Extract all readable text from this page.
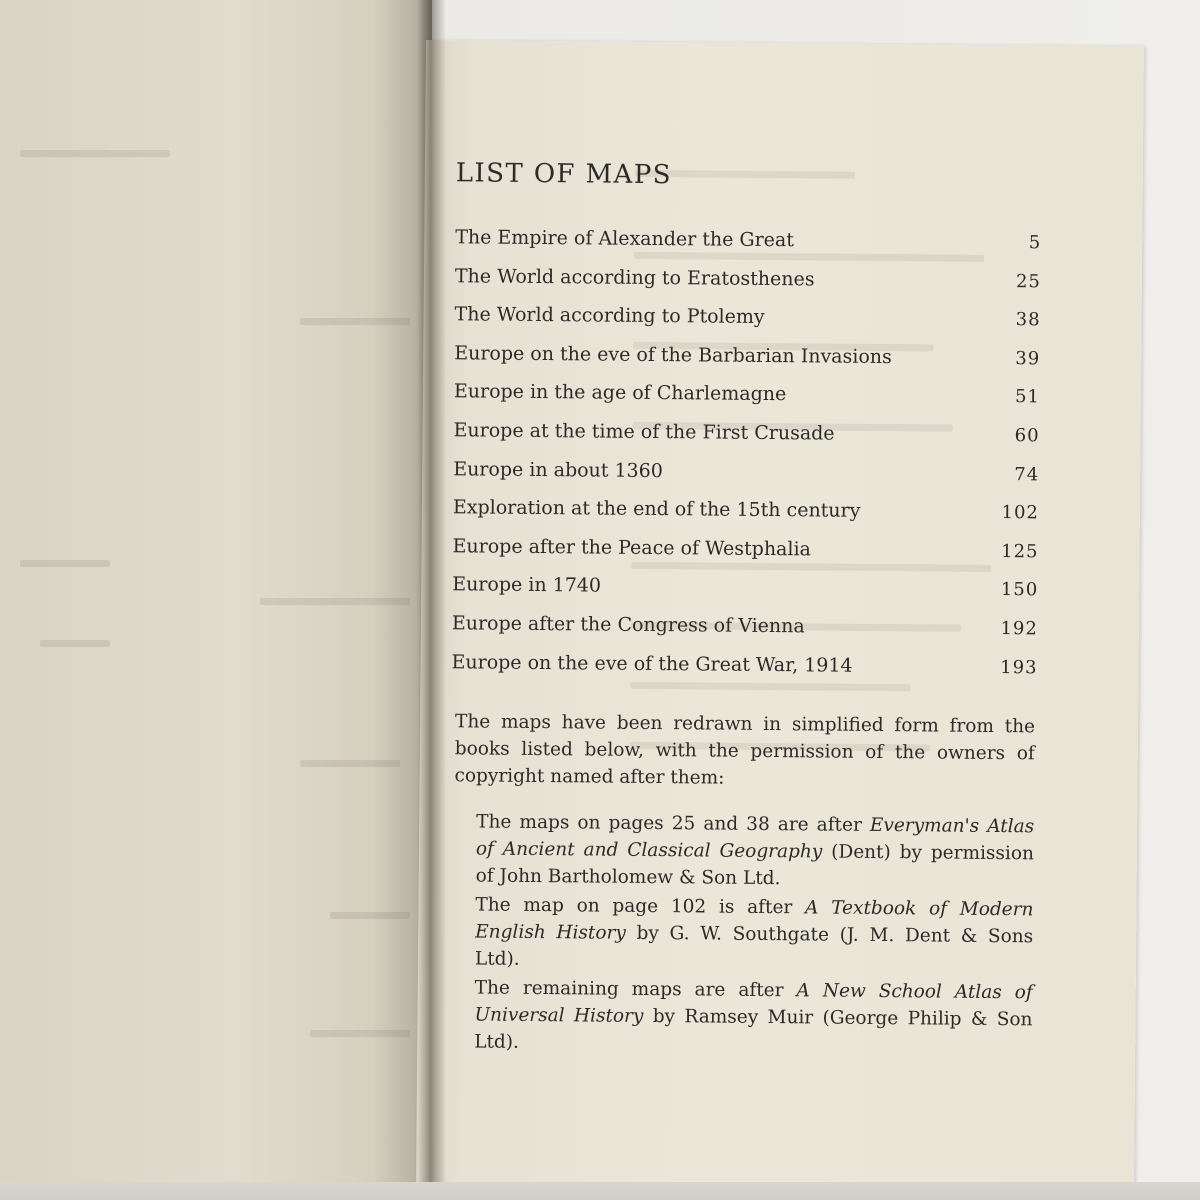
LIST OF MAPS
The Empire of Alexander the Great	5
The World according to Eratosthenes	25
The World according to Ptolemy	38
Europe on the eve of the Barbarian Invasions	39
Europe in the age of Charlemagne	51
Europe at the time of the First Crusade	60
Europe in about 1360	74
Exploration at the end of the 15th century	102
Europe after the Peace of Westphalia	125
Europe in 1740	150
Europe after the Congress of Vienna	192
Europe on the eve of the Great War, 1914	193

The maps have been redrawn in simplified form from the books listed below, with the permission of the owners of copyright named after them:

The maps on pages 25 and 38 are after Everyman's Atlas of Ancient and Classical Geography (Dent) by permission of John Bartholomew & Son Ltd.

The map on page 102 is after A Textbook of Modern English History by G. W. Southgate (J. M. Dent & Sons Ltd).

The remaining maps are after A New School Atlas of Universal History by Ramsey Muir (George Philip & Son Ltd).
